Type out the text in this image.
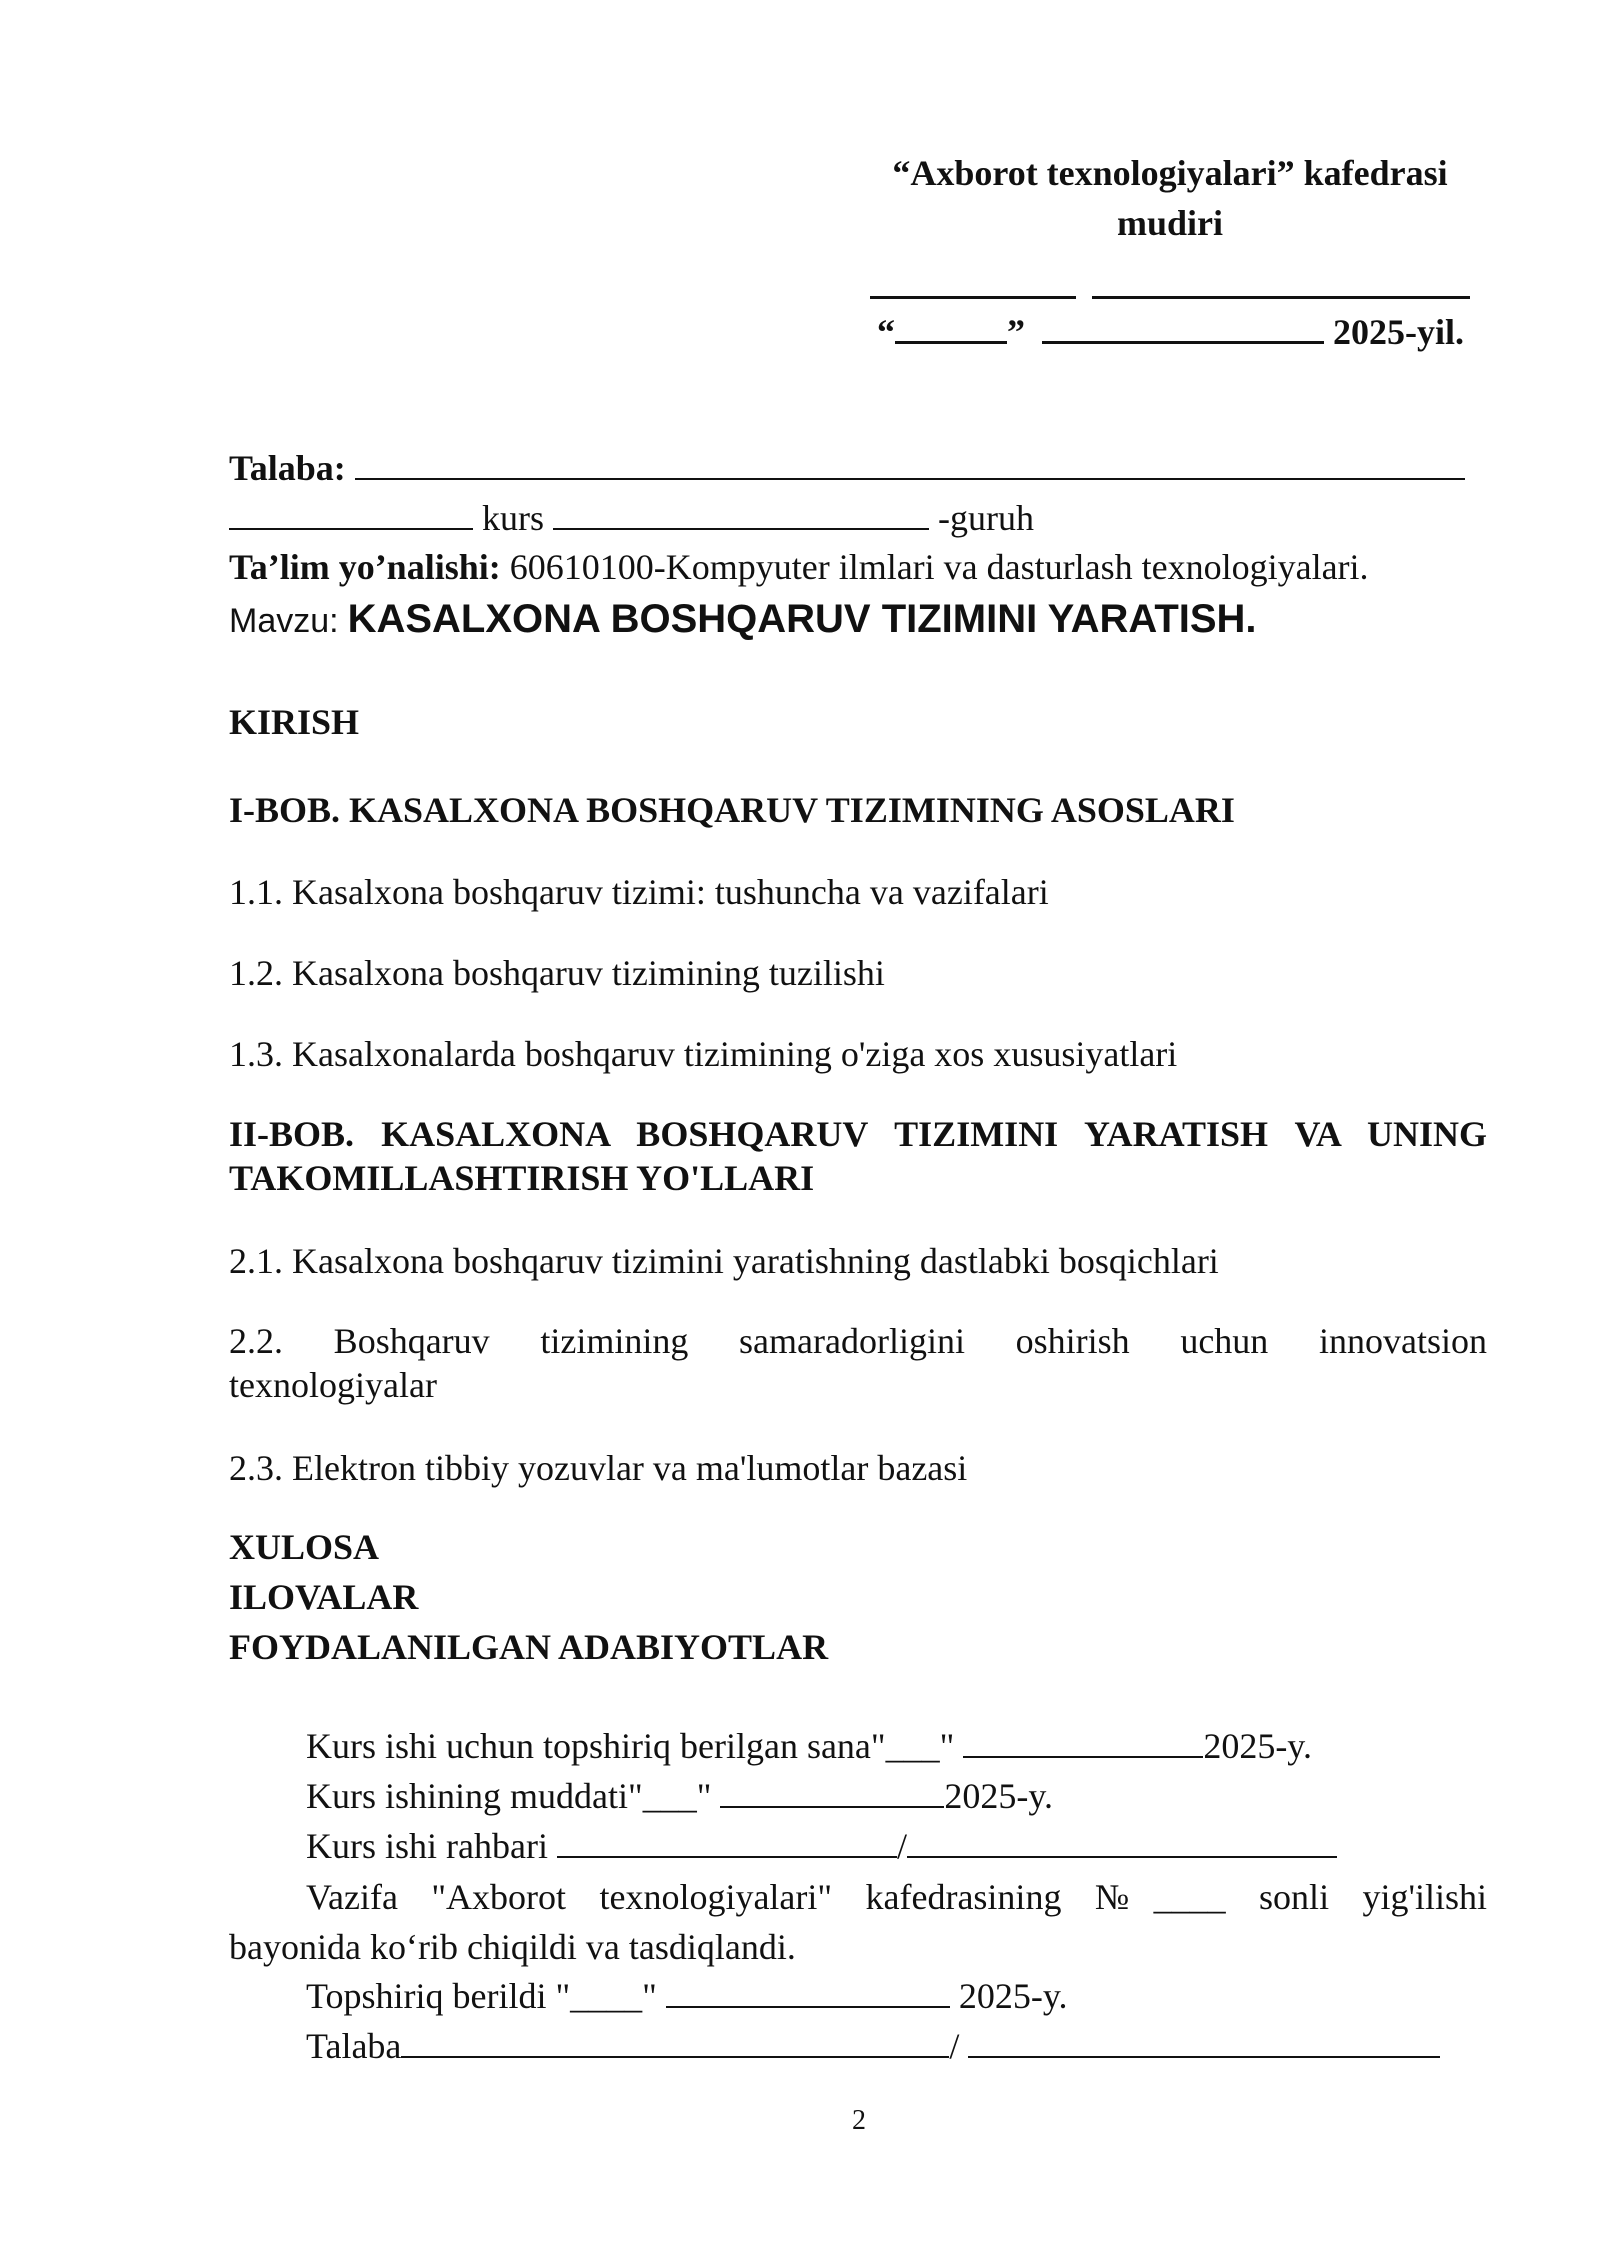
“Axborot texnologiyalari” kafedrasi
mudiri
“	”	2025-yil.
Talaba:
kurs	-guruh
Ta’lim yo’nalishi: 60610100-Kompyuter ilmlari va dasturlash texnologiyalari.
Mavzu: KASALXONA BOSHQARUV TIZIMINI YARATISH.
KIRISH
I-BOB. KASALXONA BOSHQARUV TIZIMINING ASOSLARI
1.1. Kasalxona boshqaruv tizimi: tushuncha va vazifalari
1.2. Kasalxona boshqaruv tizimining tuzilishi
1.3. Kasalxonalarda boshqaruv tizimining o'ziga xos xususiyatlari
II-BOB. KASALXONA BOSHQARUV TIZIMINI YARATISH VA UNING
TAKOMILLASHTIRISH YO'LLARI
2.1. Kasalxona boshqaruv tizimini yaratishning dastlabki bosqichlari
2.2. Boshqaruv tizimining samaradorligini oshirish uchun innovatsion
texnologiyalar
2.3. Elektron tibbiy yozuvlar va ma'lumotlar bazasi
XULOSA
ILOVALAR
FOYDALANILGAN ADABIYOTLAR
Kurs ishi uchun topshiriq berilgan sana"___"	2025-y.
Kurs ishining muddati"___"	2025-y.
Kurs ishi rahbari	/
Vazifa "Axborot texnologiyalari" kafedrasining №____ sonli yig'ilishi
bayonida koʻrib chiqildi va tasdiqlandi.
Topshiriq berildi "____"	2025-y.
Talaba	/
2
